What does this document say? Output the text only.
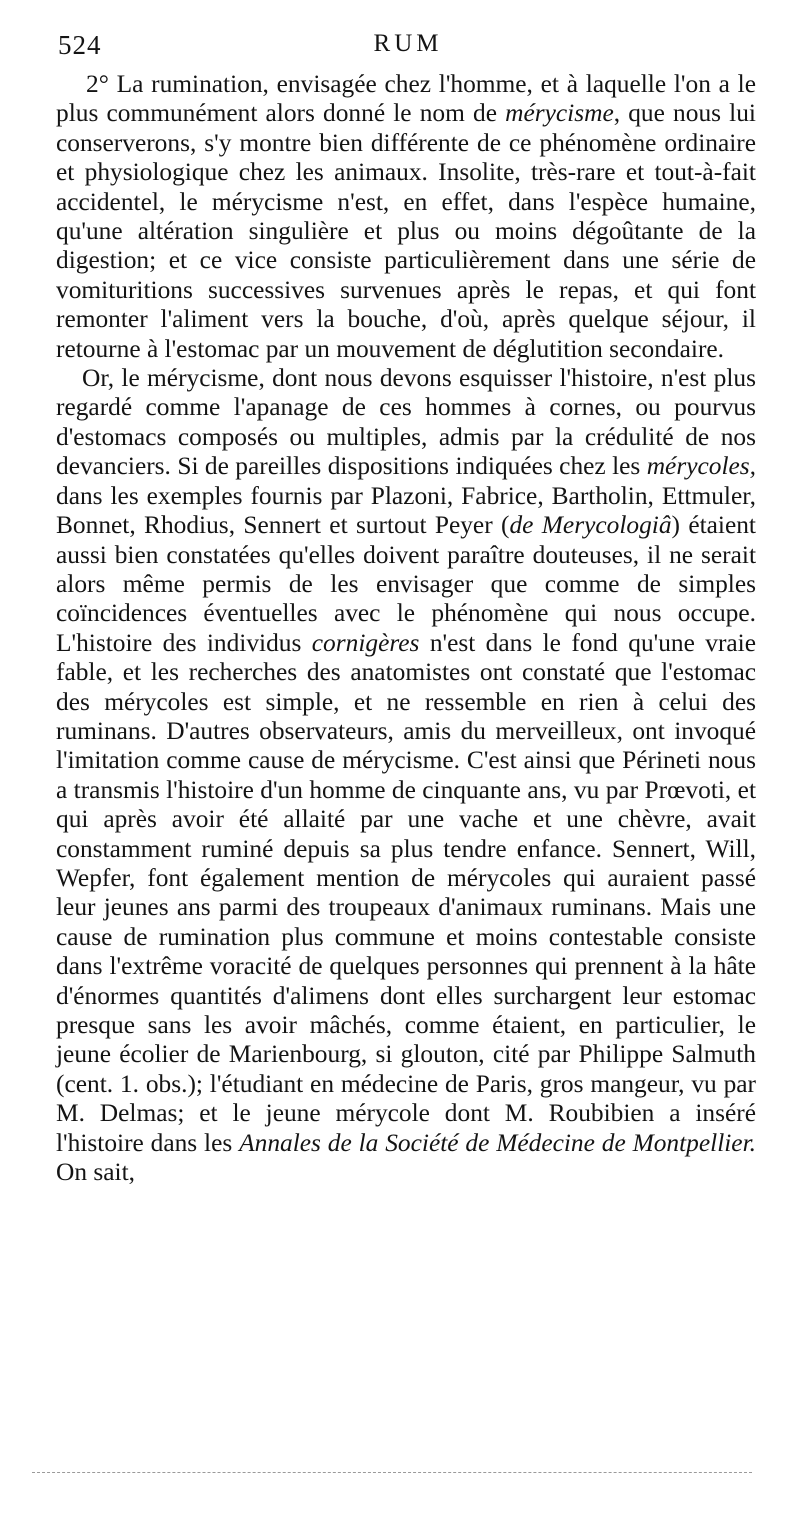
524	RUM

2° La rumination, envisagée chez l'homme, et à laquelle l'on a le plus communément alors donné le nom de mérycisme, que nous lui conserverons, s'y montre bien différente de ce phénomène ordinaire et physiologique chez les animaux. Insolite, très-rare et tout-à-fait accidentel, le mérycisme n'est, en effet, dans l'espèce humaine, qu'une altération singulière et plus ou moins dégoûtante de la digestion; et ce vice consiste particulièrement dans une série de vomituritions successives survenues après le repas, et qui font remonter l'aliment vers la bouche, d'où, après quelque séjour, il retourne à l'estomac par un mouvement de déglutition secondaire.

Or, le mérycisme, dont nous devons esquisser l'histoire, n'est plus regardé comme l'apanage de ces hommes à cornes, ou pourvus d'estomacs composés ou multiples, admis par la crédulité de nos devanciers. Si de pareilles dispositions indiquées chez les mérycoles, dans les exemples fournis par Plazoni, Fabrice, Bartholin, Ettmuler, Bonnet, Rhodius, Sennert et surtout Peyer (de Merycologiâ) étaient aussi bien constatées qu'elles doivent paraître douteuses, il ne serait alors même permis de les envisager que comme de simples coïncidences éventuelles avec le phénomène qui nous occupe. L'histoire des individus cornigères n'est dans le fond qu'une vraie fable, et les recherches des anatomistes ont constaté que l'estomac des mérycoles est simple, et ne ressemble en rien à celui des ruminans. D'autres observateurs, amis du merveilleux, ont invoqué l'imitation comme cause de mérycisme. C'est ainsi que Périneti nous a transmis l'histoire d'un homme de cinquante ans, vu par Prœvoti, et qui après avoir été allaité par une vache et une chèvre, avait constamment ruminé depuis sa plus tendre enfance. Sennert, Will, Wepfer, font également mention de mérycoles qui auraient passé leur jeunes ans parmi des troupeaux d'animaux ruminans. Mais une cause de rumination plus commune et moins contestable consiste dans l'extrême voracité de quelques personnes qui prennent à la hâte d'énormes quantités d'alimens dont elles surchargent leur estomac presque sans les avoir mâchés, comme étaient, en particulier, le jeune écolier de Marienbourg, si glouton, cité par Philippe Salmuth (cent. 1. obs.); l'étudiant en médecine de Paris, gros mangeur, vu par M. Delmas; et le jeune mérycole dont M. Roubibien a inséré l'histoire dans les Annales de la Société de Médecine de Montpellier. On sait,
